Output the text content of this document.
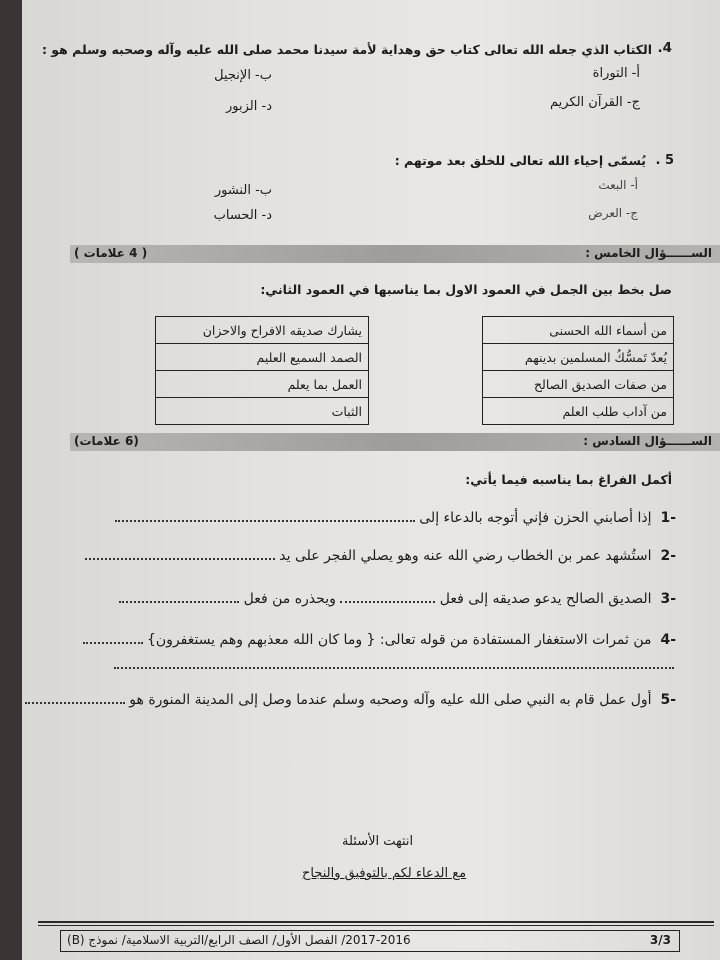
4.
الكتاب الذي جعله الله تعالى كتاب حق وهداية لأمة سيدنا محمد صلى الله عليه وآله وصحبه وسلم هو :
أ- التوراة
ب- الإنجيل
ج- القرآن الكريم
د- الزبور
5 .
يُسمّى إحياء الله تعالى للخلق بعد موتهم :
أ- البعث
ب- النشور
ج- العرض
د- الحساب
الســــــؤال الخامس :
( 4 علامات )
صل بخط بين الجمل في العمود الاول بما يناسبها في العمود الثاني:
من أسماء الله الحسنى
يُعدّ تَمسُّكُ المسلمين بدينهم
من صفات الصديق الصالح
من آداب طلب العلم
يشارك صديقه الافراح والاحزان
الصمد السميع العليم
العمل بما يعلم
الثبات
الســــــؤال السادس :
(6 علامات)
أكمل الفراغ بما يناسبه فيما يأتي:
-1  إذا أصابني الحزن فإني أتوجه بالدعاء إلى
-2  استُشهد عمر بن الخطاب رضي الله عنه وهو يصلي الفجر على يد
-3  الصديق الصالح يدعو صديقه إلى فعل  ويحذره من فعل
-4  من ثمرات الاستغفار المستفادة من قوله تعالى: { وما كان الله معذبهم وهم يستغفرون}
-5  أول عمل قام به النبي صلى الله عليه وآله وصحبه وسلم عندما وصل إلى المدينة المنورة هو
انتهت الأسئلة
مع الدعاء لكم بالتوفيق والنجاح
3/3
2017-2016/ الفصل الأول/ الصف الرابع/التربية الاسلامية/ نموذج (B)
